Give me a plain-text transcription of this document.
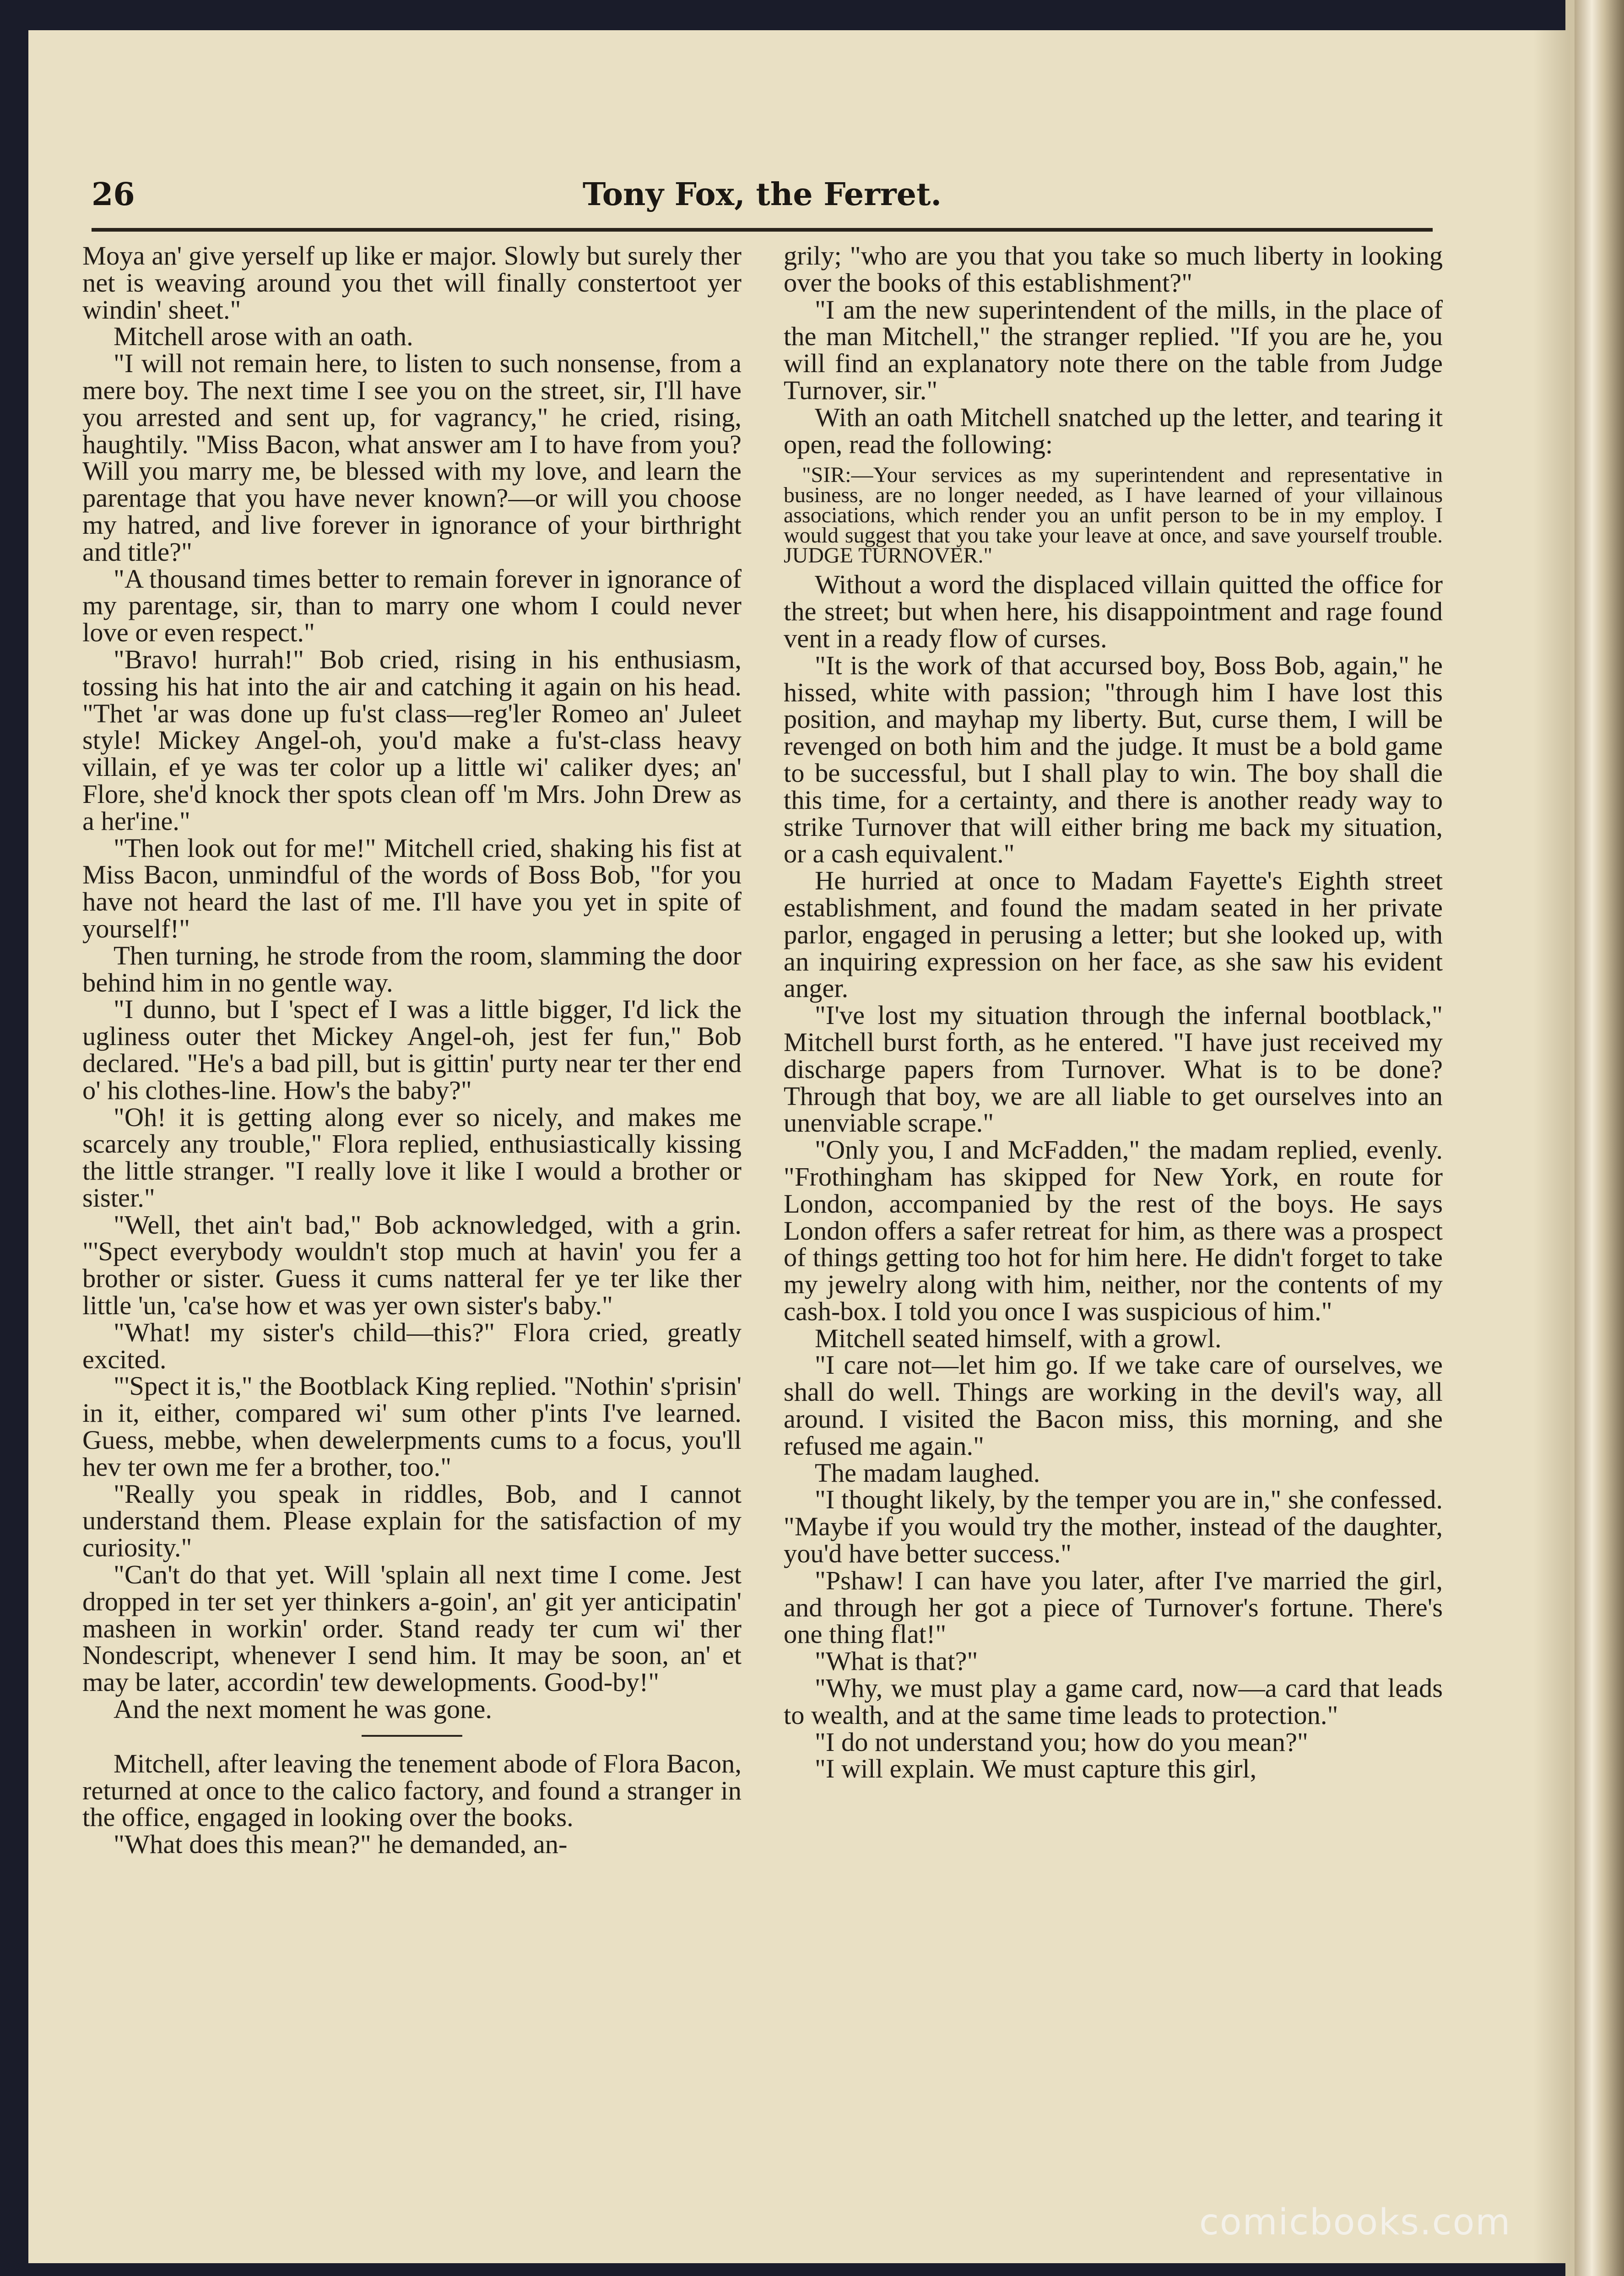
26	Tony Fox, the Ferret.

Moya an' give yerself up like er major. Slowly but surely ther net is weaving around you thet will finally constertoot yer windin' sheet."

Mitchell arose with an oath.

"I will not remain here, to listen to such nonsense, from a mere boy. The next time I see you on the street, sir, I'll have you arrested and sent up, for vagrancy," he cried, rising, haughtily. "Miss Bacon, what answer am I to have from you? Will you marry me, be blessed with my love, and learn the parentage that you have never known?—or will you choose my hatred, and live forever in ignorance of your birthright and title?"

"A thousand times better to remain forever in ignorance of my parentage, sir, than to marry one whom I could never love or even respect."

"Bravo! hurrah!" Bob cried, rising in his enthusiasm, tossing his hat into the air and catching it again on his head. "Thet 'ar was done up fu'st class—reg'ler Romeo an' Juleet style! Mickey Angel-oh, you'd make a fu'st-class heavy villain, ef ye was ter color up a little wi' caliker dyes; an' Flore, she'd knock ther spots clean off 'm Mrs. John Drew as a her'ine."

"Then look out for me!" Mitchell cried, shaking his fist at Miss Bacon, unmindful of the words of Boss Bob, "for you have not heard the last of me. I'll have you yet in spite of yourself!"

Then turning, he strode from the room, slamming the door behind him in no gentle way.

"I dunno, but I 'spect ef I was a little bigger, I'd lick the ugliness outer thet Mickey Angel-oh, jest fer fun," Bob declared. "He's a bad pill, but is gittin' purty near ter ther end o' his clothes-line. How's the baby?"

"Oh! it is getting along ever so nicely, and makes me scarcely any trouble," Flora replied, enthusiastically kissing the little stranger. "I really love it like I would a brother or sister."

"Well, thet ain't bad," Bob acknowledged, with a grin. "'Spect everybody wouldn't stop much at havin' you fer a brother or sister. Guess it cums natteral fer ye ter like ther little 'un, 'ca'se how et was yer own sister's baby."

"What! my sister's child—this?" Flora cried, greatly excited.

"'Spect it is," the Bootblack King replied. "Nothin' s'prisin' in it, either, compared wi' sum other p'ints I've learned. Guess, mebbe, when dewelerpments cums to a focus, you'll hev ter own me fer a brother, too."

"Really you speak in riddles, Bob, and I cannot understand them. Please explain for the satisfaction of my curiosity."

"Can't do that yet. Will 'splain all next time I come. Jest dropped in ter set yer thinkers a-goin', an' git yer anticipatin' masheen in workin' order. Stand ready ter cum wi' ther Nondescript, whenever I send him. It may be soon, an' et may be later, accordin' tew dewelopments. Good-by!"

And the next moment he was gone.

Mitchell, after leaving the tenement abode of Flora Bacon, returned at once to the calico factory, and found a stranger in the office, engaged in looking over the books.

"What does this mean?" he demanded, an-

grily; "who are you that you take so much liberty in looking over the books of this establishment?"

"I am the new superintendent of the mills, in the place of the man Mitchell," the stranger replied. "If you are he, you will find an explanatory note there on the table from Judge Turnover, sir."

With an oath Mitchell snatched up the letter, and tearing it open, read the following:

"SIR:—Your services as my superintendent and representative in business, are no longer needed, as I have learned of your villainous associations, which render you an unfit person to be in my employ. I would suggest that you take your leave at once, and save yourself trouble. JUDGE TURNOVER."

Without a word the displaced villain quitted the office for the street; but when here, his disappointment and rage found vent in a ready flow of curses.

"It is the work of that accursed boy, Boss Bob, again," he hissed, white with passion; "through him I have lost this position, and mayhap my liberty. But, curse them, I will be revenged on both him and the judge. It must be a bold game to be successful, but I shall play to win. The boy shall die this time, for a certainty, and there is another ready way to strike Turnover that will either bring me back my situation, or a cash equivalent."

He hurried at once to Madam Fayette's Eighth street establishment, and found the madam seated in her private parlor, engaged in perusing a letter; but she looked up, with an inquiring expression on her face, as she saw his evident anger.

"I've lost my situation through the infernal bootblack," Mitchell burst forth, as he entered. "I have just received my discharge papers from Turnover. What is to be done? Through that boy, we are all liable to get ourselves into an unenviable scrape."

"Only you, I and McFadden," the madam replied, evenly. "Frothingham has skipped for New York, en route for London, accompanied by the rest of the boys. He says London offers a safer retreat for him, as there was a prospect of things getting too hot for him here. He didn't forget to take my jewelry along with him, neither, nor the contents of my cash-box. I told you once I was suspicious of him."

Mitchell seated himself, with a growl.

"I care not—let him go. If we take care of ourselves, we shall do well. Things are working in the devil's way, all around. I visited the Bacon miss, this morning, and she refused me again."

The madam laughed.

"I thought likely, by the temper you are in," she confessed. "Maybe if you would try the mother, instead of the daughter, you'd have better success."

"Pshaw! I can have you later, after I've married the girl, and through her got a piece of Turnover's fortune. There's one thing flat!"

"What is that?"

"Why, we must play a game card, now—a card that leads to wealth, and at the same time leads to protection."

"I do not understand you; how do you mean?"

"I will explain. We must capture this girl,

comicbooks.com
